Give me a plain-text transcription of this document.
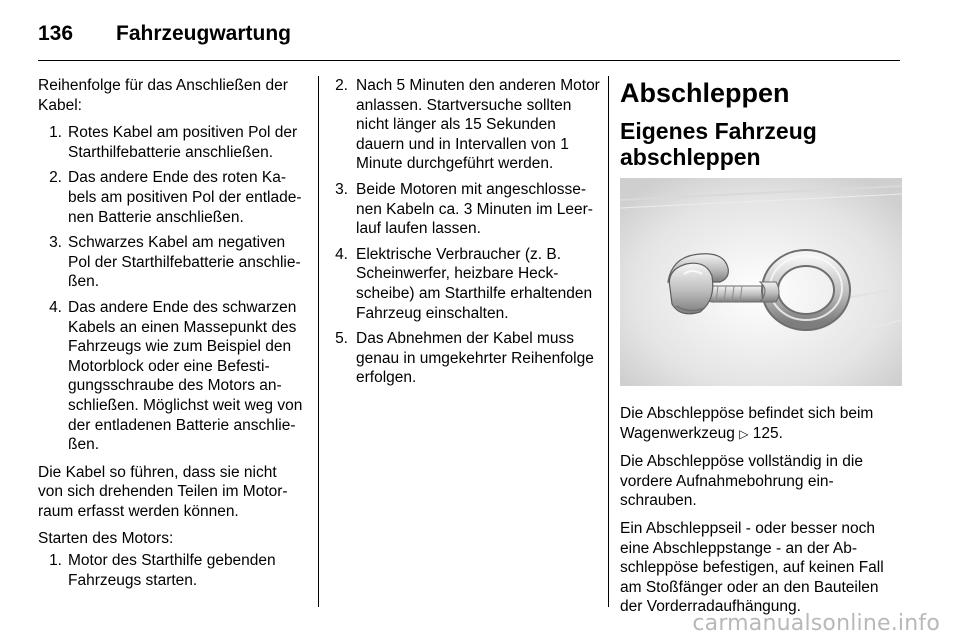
136	Fahrzeugwartung

Reihenfolge für das Anschließen der Kabel:

1. Rotes Kabel am positiven Pol der Starthilfebatterie anschließen.
2. Das andere Ende des roten Kabels am positiven Pol der entladenen Batterie anschließen.
3. Schwarzes Kabel am negativen Pol der Starthilfebatterie anschließen.
4. Das andere Ende des schwarzen Kabels an einen Massepunkt des Fahrzeugs wie zum Beispiel den Motorblock oder eine Befestigungsschraube des Motors anschließen. Möglichst weit weg von der entladenen Batterie anschließen.

Die Kabel so führen, dass sie nicht von sich drehenden Teilen im Motorraum erfasst werden können.

Starten des Motors:

1. Motor des Starthilfe gebenden Fahrzeugs starten.
2. Nach 5 Minuten den anderen Motor anlassen. Startversuche sollten nicht länger als 15 Sekunden dauern und in Intervallen von 1 Minute durchgeführt werden.
3. Beide Motoren mit angeschlossenen Kabeln ca. 3 Minuten im Leerlauf laufen lassen.
4. Elektrische Verbraucher (z. B. Scheinwerfer, heizbare Heckscheibe) am Starthilfe erhaltenden Fahrzeug einschalten.
5. Das Abnehmen der Kabel muss genau in umgekehrter Reihenfolge erfolgen.
Abschleppen
Eigenes Fahrzeug abschleppen

Die Abschleppöse befindet sich beim Wagenwerkzeug ▷ 125.

Die Abschleppöse vollständig in die vordere Aufnahmebohrung einschrauben.

Ein Abschleppseil - oder besser noch eine Abschleppstange - an der Abschleppöse befestigen, auf keinen Fall am Stoßfänger oder an den Bauteilen der Vorderradaufhängung.

carmanualsonline.info
